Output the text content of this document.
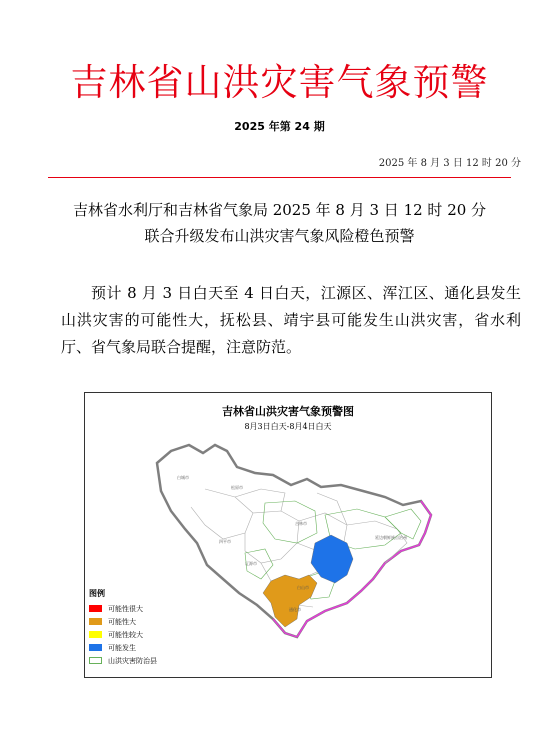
吉林省山洪灾害气象预警
2025 年第 24 期
2025 年 8 月 3 日 12 时 20 分
吉林省水利厅和吉林省气象局 2025 年 8 月 3 日 12 时 20 分
联合升级发布山洪灾害气象风险橙色预警
预计 8 月 3 日白天至 4 日白天，江源区、浑江区、通化县发生山洪灾害的可能性大，抚松县、靖宇县可能发生山洪灾害，省水利厅、省气象局联合提醒，注意防范。
白城市
松原市
四平市
吉林市
辽源市
通化市
白山市
延边朝鲜族自治州
吉林省山洪灾害气象预警图
8月3日白天-8月4日白天
图例
可能性很大
可能性大
可能性较大
可能发生
山洪灾害防治县
